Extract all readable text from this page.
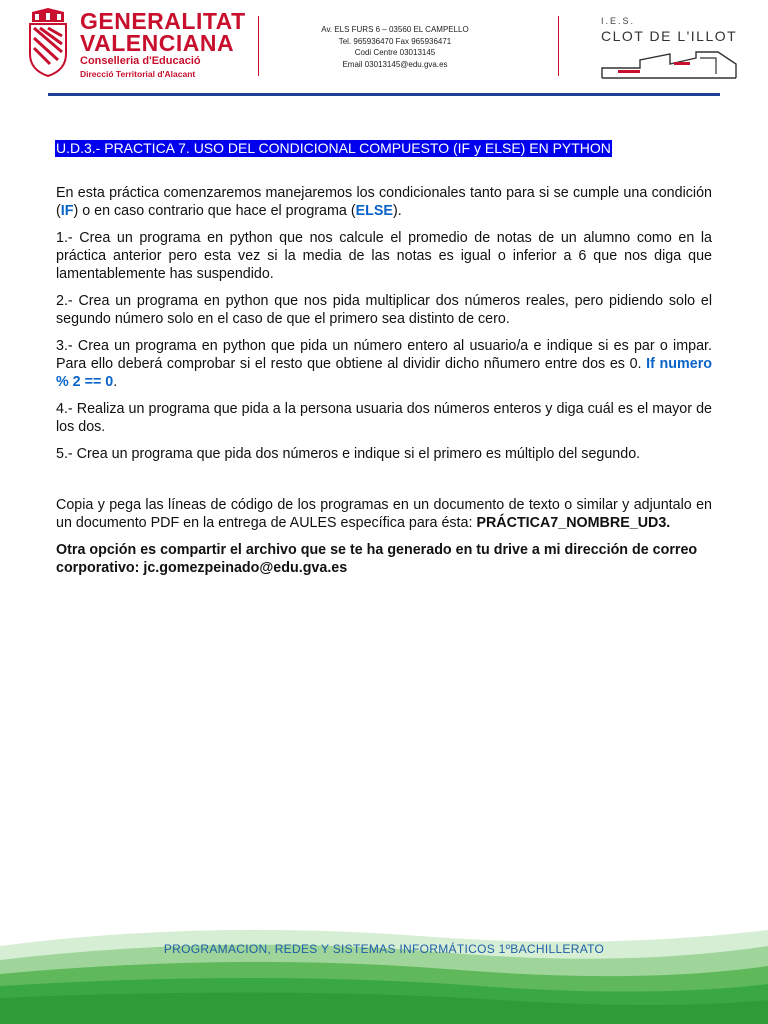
GENERALITAT
VALENCIANA
Conselleria d'Educació
Direcció Territorial d'Alacant
Av. ELS FURS 6 – 03560 EL CAMPELLO
Tel. 965936470 Fax 965936471
Codi Centre 03013145
Email 03013145@edu.gva.es
I.E.S.
CLOT DE L'ILLOT
U.D.3.- PRACTICA 7. USO DEL CONDICIONAL COMPUESTO (IF y ELSE) EN PYTHON

En esta práctica comenzaremos manejaremos los condicionales tanto para si se cumple una condición (IF) o en caso contrario que hace el programa (ELSE).

1.- Crea un programa en python que nos calcule el promedio de notas de un alumno como en la práctica anterior pero esta vez si la media de las notas es igual o inferior a 6 que nos diga que lamentablemente has suspendido.

2.- Crea un programa en python que nos pida multiplicar dos números reales, pero pidiendo solo el segundo número solo en el caso de que el primero sea distinto de cero.

3.- Crea un programa en python que pida un número entero al usuario/a e indique si es par o impar. Para ello deberá comprobar si el resto que obtiene al dividir dicho nñumero entre dos es 0. If numero % 2 == 0.

4.- Realiza un programa que pida a la persona usuaria dos números enteros y diga cuál es el mayor de los dos.

5.- Crea un programa que pida dos números e indique si el primero es múltiplo del segundo.

Copia y pega las líneas de código de los programas en un documento de texto o similar y adjuntalo en un documento PDF en la entrega de AULES específica para ésta: PRÁCTICA7_NOMBRE_UD3.

Otra opción es compartir el archivo que se te ha generado en tu drive a mi dirección de correo corporativo: jc.gomezpeinado@edu.gva.es

PROGRAMACION, REDES Y SISTEMAS INFORMÁTICOS 1ºBACHILLERATO
